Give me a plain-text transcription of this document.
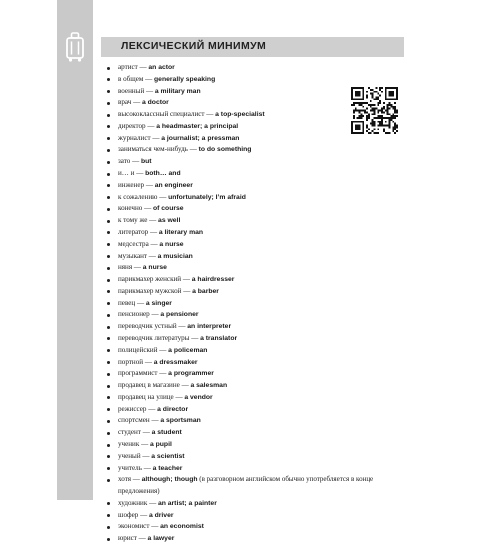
ЛЕКСИЧЕСКИЙ МИНИМУМ
артист — an actor
в общем — generally speaking
военный — a military man
врач — a doctor
высококлассный специалист — a top-specialist
директор — a headmaster; a principal
журналист — a journalist; a pressman
заниматься чем-нибудь — to do something
зато — but
и… и — both… and
инженер — an engineer
к сожалению — unfortunately; I’m afraid
конечно — of course
к тому же — as well
литератор — a literary man
медсестра — a nurse
музыкант — a musician
няня — a nurse
парикмахер женский — a hairdresser
парикмахер мужской — a barber
певец — a singer
пенсионер — a pensioner
переводчик устный — an interpreter
переводчик литературы — a translator
полицейский — a policeman
портной — a dressmaker
программист — a programmer
продавец в магазине — a salesman
продавец на улице — a vendor
режиссер — a director
спортсмен — a sportsman
студент — a student
ученик — a pupil
ученый — a scientist
учитель — a teacher
хотя — although; though (в разговорном английском обычно употребляется в конце предложения)
художник — an artist; a painter
шофер — a driver
экономист — an economist
юрист — a lawyer
